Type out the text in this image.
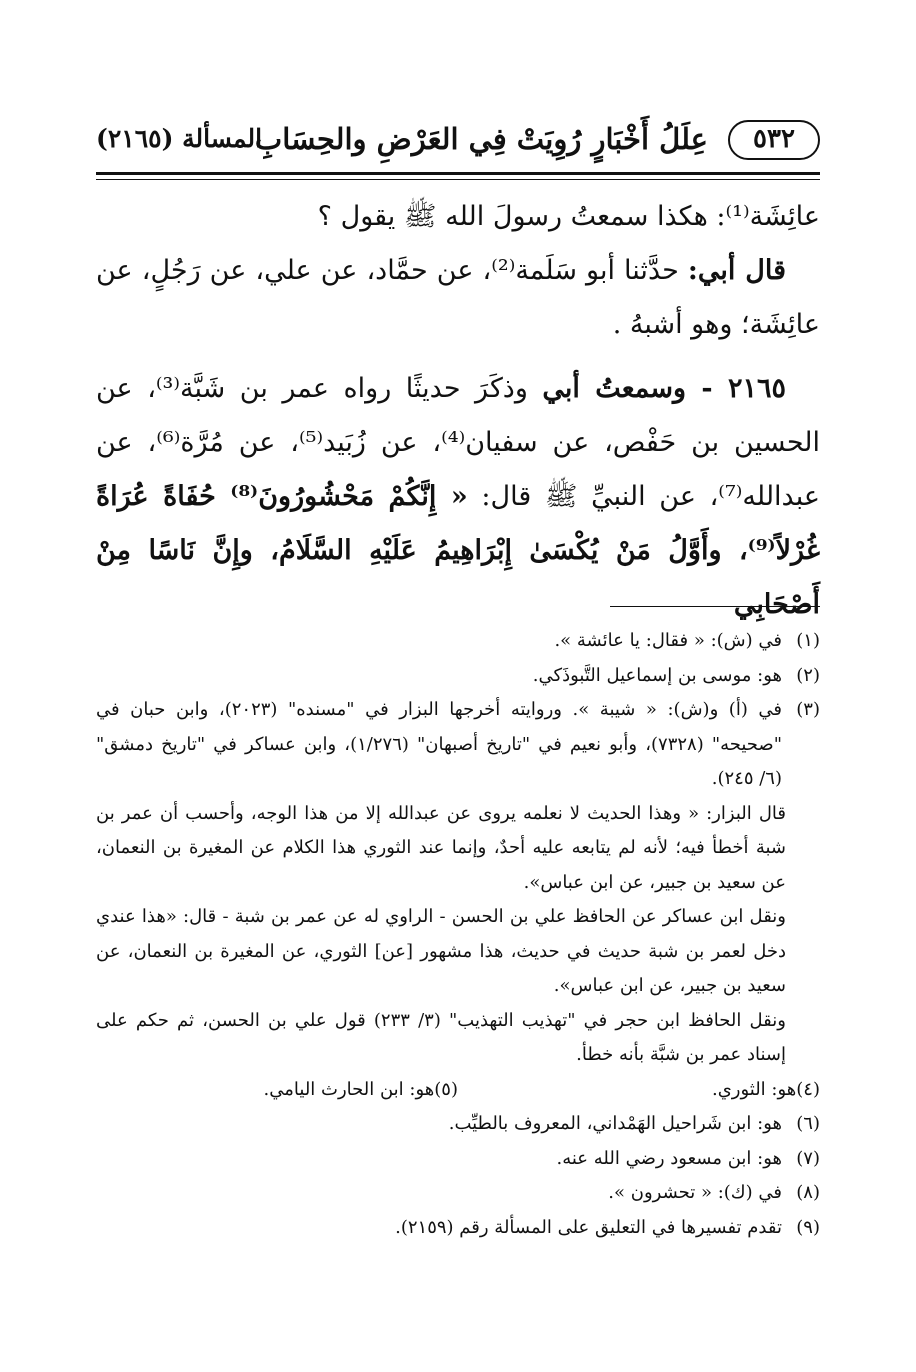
٥٣٢
عِلَلُ أَخْبَارٍ رُوِيَتْ فِي العَرْضِ والحِسَابِ
المسألة (٢١٦٥)

عائِشَة⁽¹⁾: هكذا سمعتُ رسولَ الله ﷺ يقول ؟

قال أبي: حدَّثنا أبو سَلَمة⁽²⁾، عن حمَّاد، عن علي، عن رَجُلٍ، عن عائِشَة؛ وهو أشبهُ .

٢١٦٥ - وسمعتُ أبي وذكَرَ حديثًا رواه عمر بن شَبَّة⁽³⁾، عن الحسين بن حَفْص، عن سفيان⁽⁴⁾، عن زُبَيد⁽⁵⁾، عن مُرَّة⁽⁶⁾، عن عبدالله⁽⁷⁾، عن النبيِّ ﷺ قال: « إِنَّكُمْ مَحْشُورُونَ⁽⁸⁾ حُفَاةً عُرَاةً غُرْلاً⁽⁹⁾، وأَوَّلُ مَنْ يُكْسَىٰ إِبْرَاهِيمُ عَلَيْهِ السَّلَامُ، وإِنَّ نَاسًا مِنْ أَصْحَابِي

(١)
في (ش): « فقال: يا عائشة ».
(٢)
هو: موسى بن إسماعيل التَّبوذَكي.
(٣)
في (أ) و(ش): « شيبة ». وروايته أخرجها البزار في "مسنده" (٢٠٢٣)، وابن حبان في "صحيحه" (٧٣٢٨)، وأبو نعيم في "تاريخ أصبهان" (١/٢٧٦)، وابن عساكر في "تاريخ دمشق" (٦/ ٢٤٥).
قال البزار: « وهذا الحديث لا نعلمه يروى عن عبدالله إلا من هذا الوجه، وأحسب أن عمر بن شبة أخطأ فيه؛ لأنه لم يتابعه عليه أحدٌ، وإنما عند الثوري هذا الكلام عن المغيرة بن النعمان، عن سعيد بن جبير، عن ابن عباس».
ونقل ابن عساكر عن الحافظ علي بن الحسن - الراوي له عن عمر بن شبة - قال: «هذا عندي دخل لعمر بن شبة حديث في حديث، هذا مشهور [عن] الثوري، عن المغيرة بن النعمان، عن سعيد بن جبير، عن ابن عباس».
ونقل الحافظ ابن حجر في "تهذيب التهذيب" (٣/ ٢٣٣) قول علي بن الحسن، ثم حكم على إسناد عمر بن شبَّة بأنه خطأ.
(٤)
هو: الثوري.
(٥)
هو: ابن الحارث اليامي.
(٦)
هو: ابن شَراحيل الهَمْداني، المعروف بالطيِّب.
(٧)
هو: ابن مسعود رضي الله عنه.
(٨)
في (ك): « تحشرون ».
(٩)
تقدم تفسيرها في التعليق على المسألة رقم (٢١٥٩).
